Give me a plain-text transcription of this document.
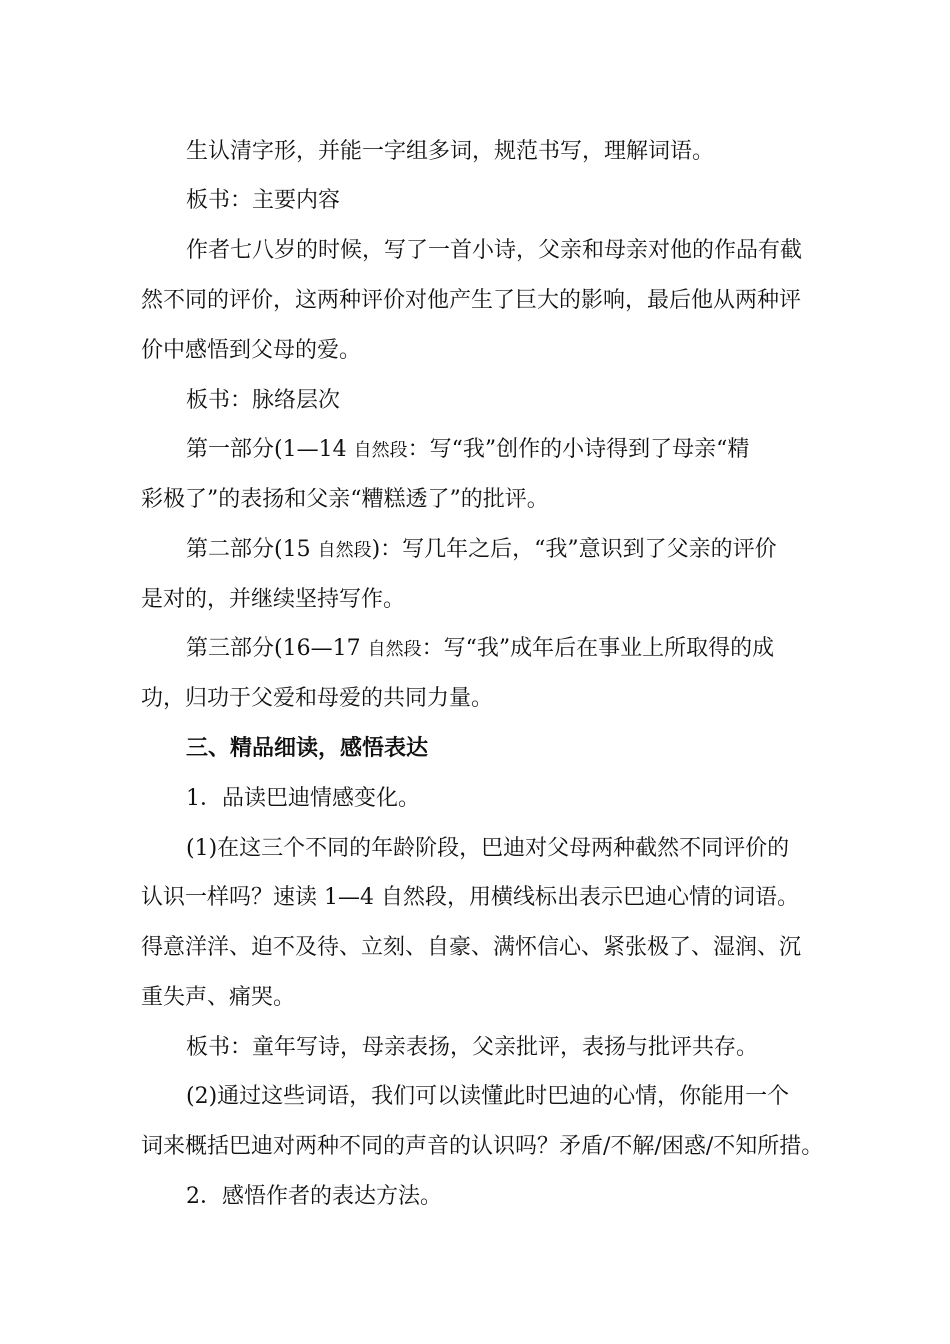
生认清字形，并能一字组多词，规范书写，理解词语。
板书：主要内容
作者七八岁的时候，写了一首小诗，父亲和母亲对他的作品有截
然不同的评价，这两种评价对他产生了巨大的影响，最后他从两种评
价中感悟到父母的爱。
板书：脉络层次
第一部分(1—14 自然段：写“我”创作的小诗得到了母亲“精
彩极了”的表扬和父亲“糟糕透了”的批评。
第二部分(15 自然段)：写几年之后，“我”意识到了父亲的评价
是对的，并继续坚持写作。
第三部分(16—17 自然段：写“我”成年后在事业上所取得的成
功，归功于父爱和母爱的共同力量。
三、精品细读，感悟表达
1．品读巴迪情感变化。
(1)在这三个不同的年龄阶段，巴迪对父母两种截然不同评价的
认识一样吗？速读 1—4 自然段，用横线标出表示巴迪心情的词语。
得意洋洋、迫不及待、立刻、自豪、满怀信心、紧张极了、湿润、沉
重失声、痛哭。
板书：童年写诗，母亲表扬，父亲批评，表扬与批评共存。
(2)通过这些词语，我们可以读懂此时巴迪的心情，你能用一个
词来概括巴迪对两种不同的声音的认识吗？矛盾/不解/困惑/不知所措。
2．感悟作者的表达方法。
